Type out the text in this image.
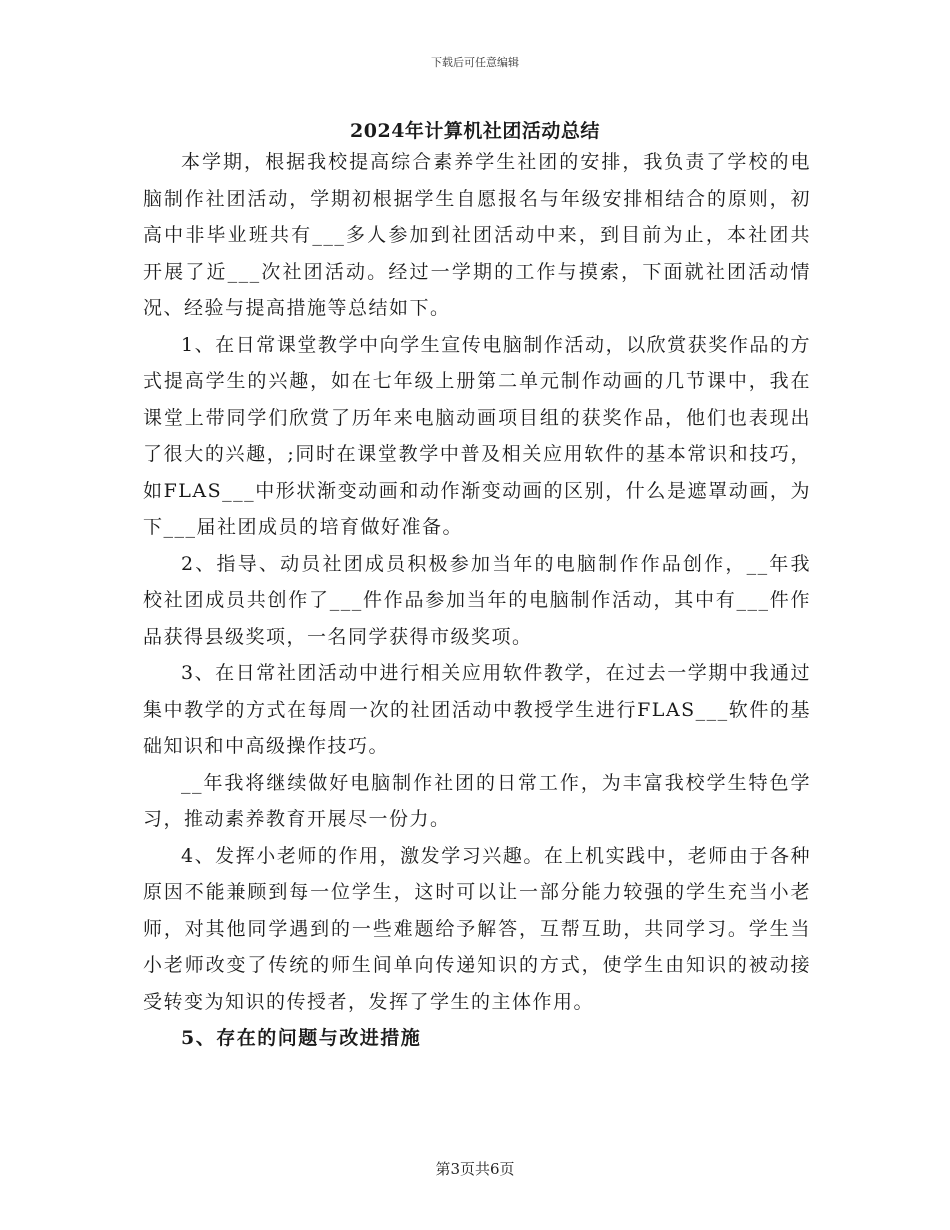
下载后可任意编辑
2024年计算机社团活动总结

本学期，根据我校提高综合素养学生社团的安排，我负责了学校的电脑制作社团活动，学期初根据学生自愿报名与年级安排相结合的原则，初高中非毕业班共有___多人参加到社团活动中来，到目前为止，本社团共开展了近___次社团活动。经过一学期的工作与摸索，下面就社团活动情况、经验与提高措施等总结如下。

1、在日常课堂教学中向学生宣传电脑制作活动，以欣赏获奖作品的方式提高学生的兴趣，如在七年级上册第二单元制作动画的几节课中，我在课堂上带同学们欣赏了历年来电脑动画项目组的获奖作品，他们也表现出了很大的兴趣，;同时在课堂教学中普及相关应用软件的基本常识和技巧，如FLAS___中形状渐变动画和动作渐变动画的区别，什么是遮罩动画，为下___届社团成员的培育做好准备。

2、指导、动员社团成员积极参加当年的电脑制作作品创作，__年我校社团成员共创作了___件作品参加当年的电脑制作活动，其中有___件作品获得县级奖项，一名同学获得市级奖项。

3、在日常社团活动中进行相关应用软件教学，在过去一学期中我通过集中教学的方式在每周一次的社团活动中教授学生进行FLAS___软件的基础知识和中高级操作技巧。

__年我将继续做好电脑制作社团的日常工作，为丰富我校学生特色学习，推动素养教育开展尽一份力。

4、发挥小老师的作用，激发学习兴趣。在上机实践中，老师由于各种原因不能兼顾到每一位学生，这时可以让一部分能力较强的学生充当小老师，对其他同学遇到的一些难题给予解答，互帮互助，共同学习。学生当小老师改变了传统的师生间单向传递知识的方式，使学生由知识的被动接受转变为知识的传授者，发挥了学生的主体作用。

5、存在的问题与改进措施

第3页共6页
